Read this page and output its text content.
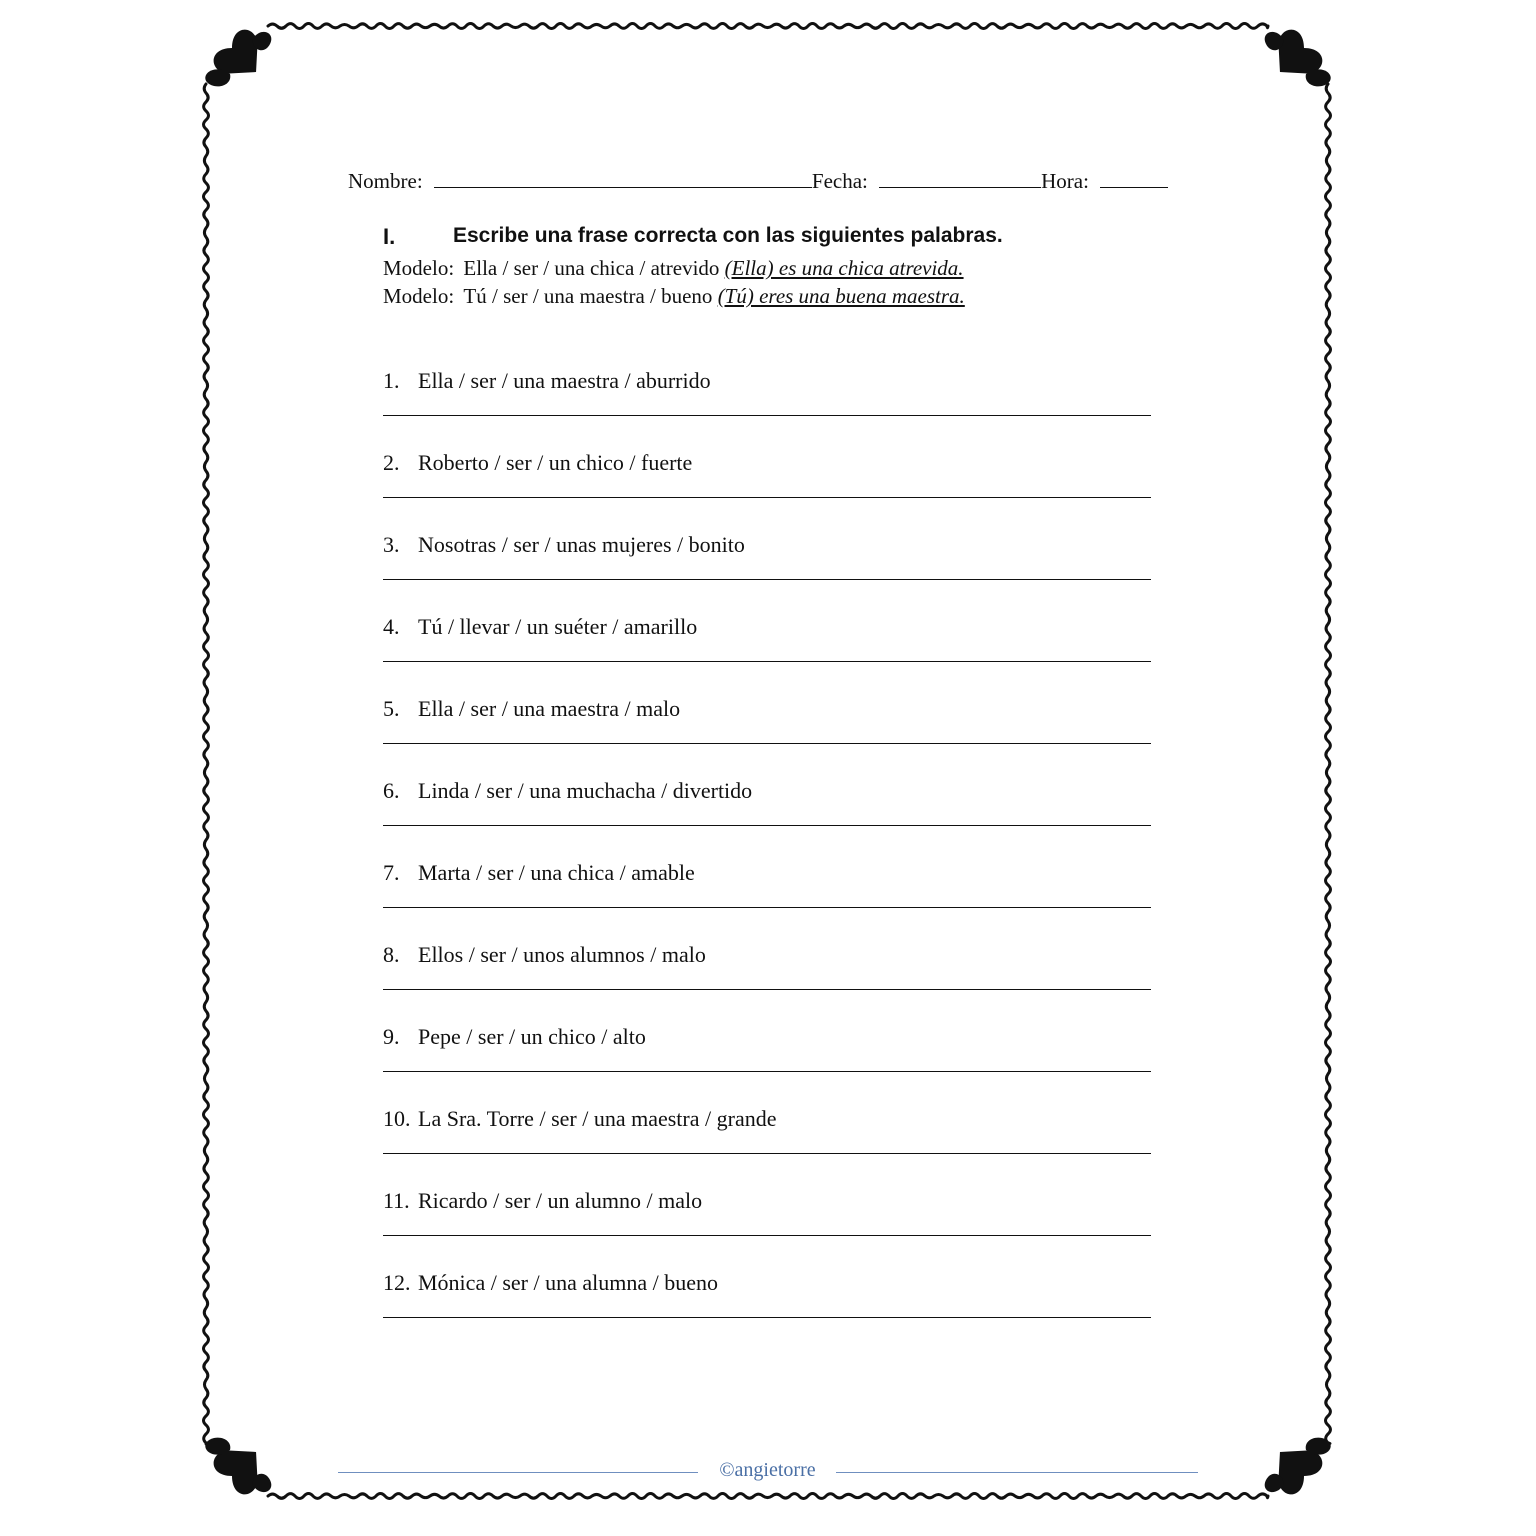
Nombre:	Fecha:	Hora:
I.	Escribe una frase correcta con las siguientes palabras.
Modelo: Ella / ser / una chica / atrevido (Ella) es una chica atrevida.
Modelo: Tú / ser / una maestra / bueno (Tú) eres una buena maestra.
1. Ella / ser / una maestra / aburrido
2. Roberto / ser / un chico / fuerte
3. Nosotras / ser / unas mujeres / bonito
4. Tú / llevar / un suéter / amarillo
5. Ella / ser / una maestra / malo
6. Linda / ser / una muchacha / divertido
7. Marta / ser / una chica / amable
8. Ellos / ser / unos alumnos / malo
9. Pepe / ser / un chico / alto
10. La Sra. Torre / ser / una maestra / grande
11. Ricardo / ser / un alumno / malo
12. Mónica / ser / una alumna / bueno
©angietorre
